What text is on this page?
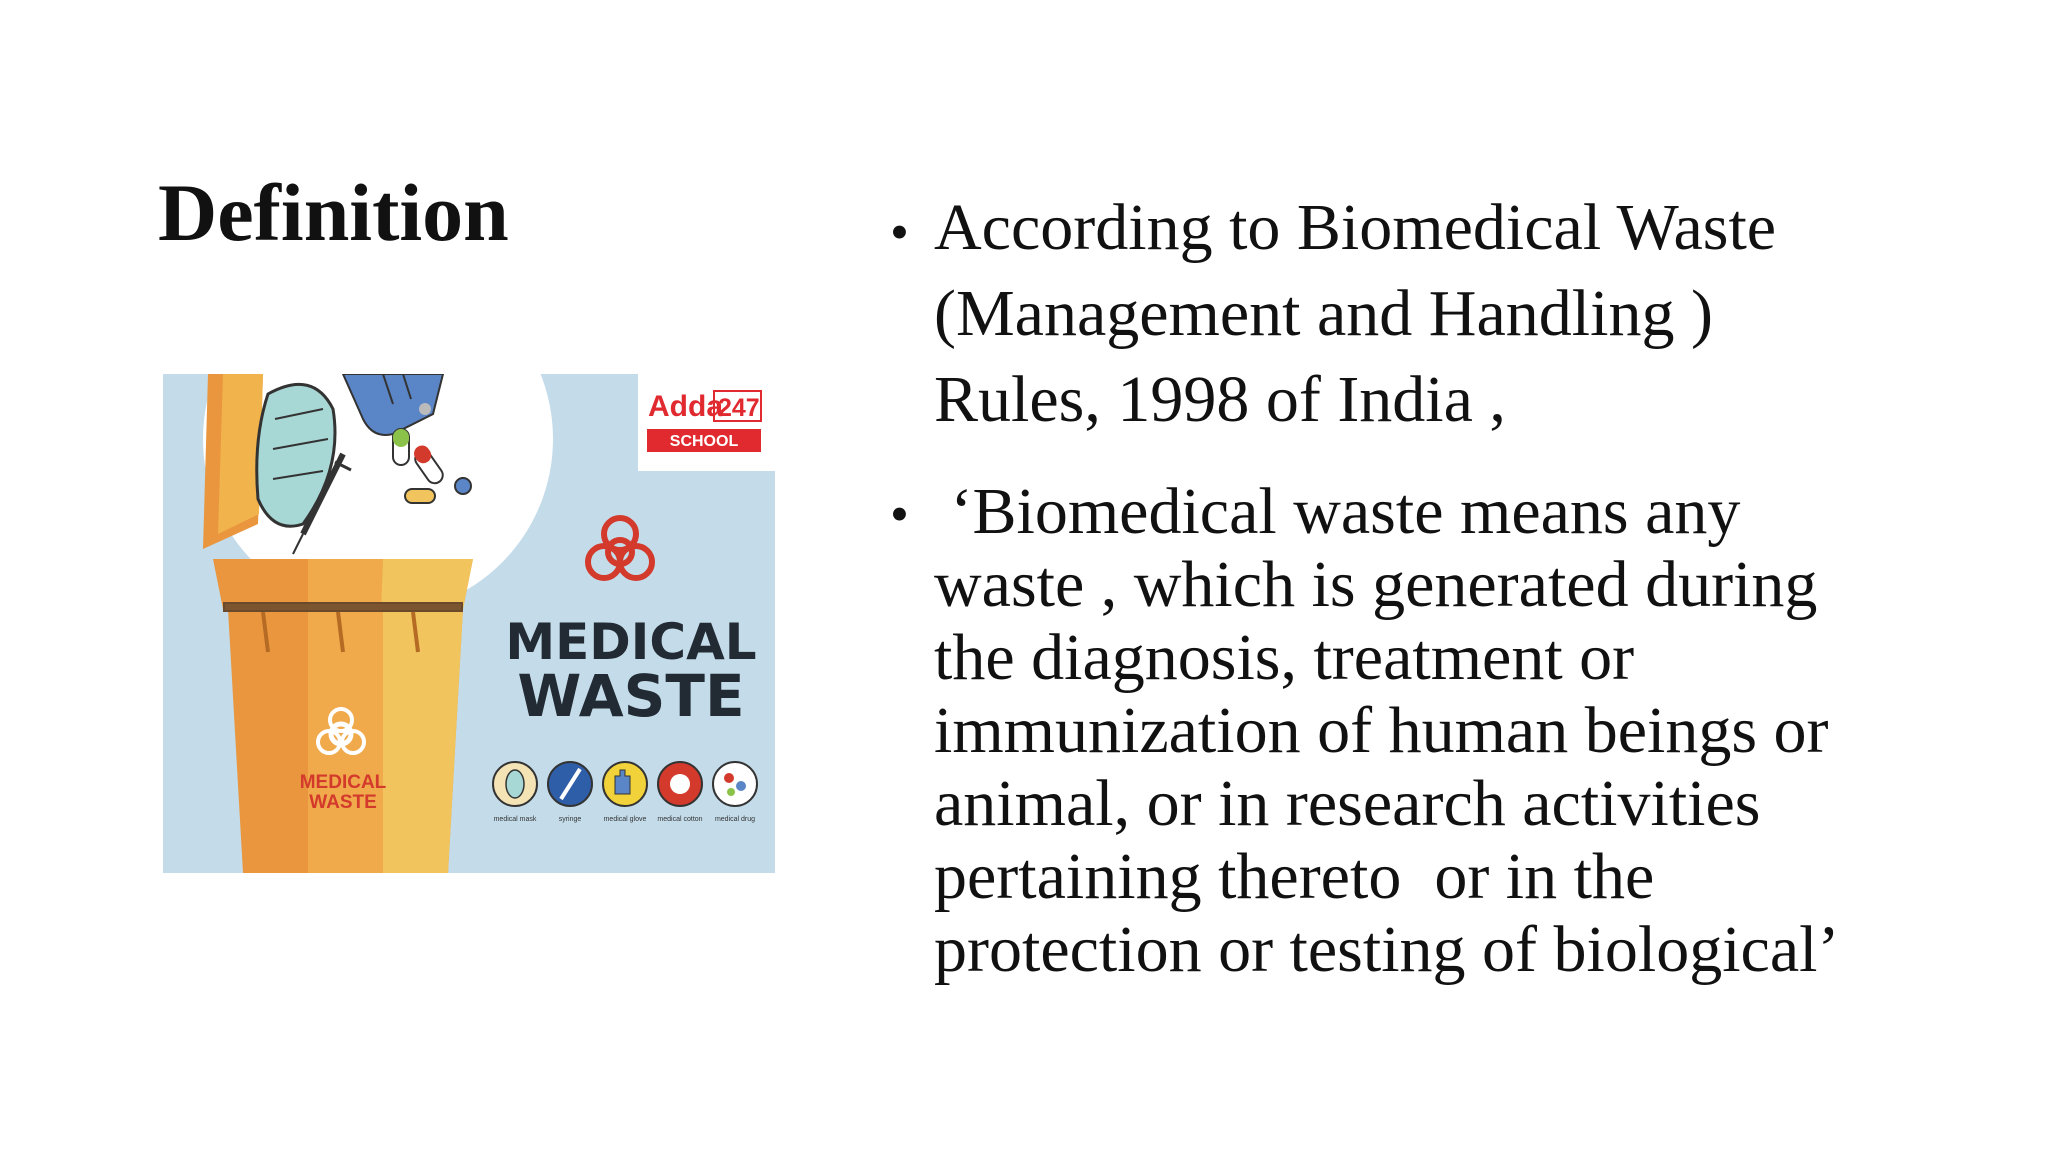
Definition
MEDICAL
WASTE
Adda
247
SCHOOL
MEDICAL
WASTE
medical mask	syringe	medical glove medical cotton medical drug
• According to Biomedical Waste
(Management and Handling )
Rules, 1998 of India ,
• ‘Biomedical waste means any
waste , which is generated during
the diagnosis, treatment or
immunization of human beings or
animal, or in research activities
pertaining thereto  or in the
protection or testing of biological’
